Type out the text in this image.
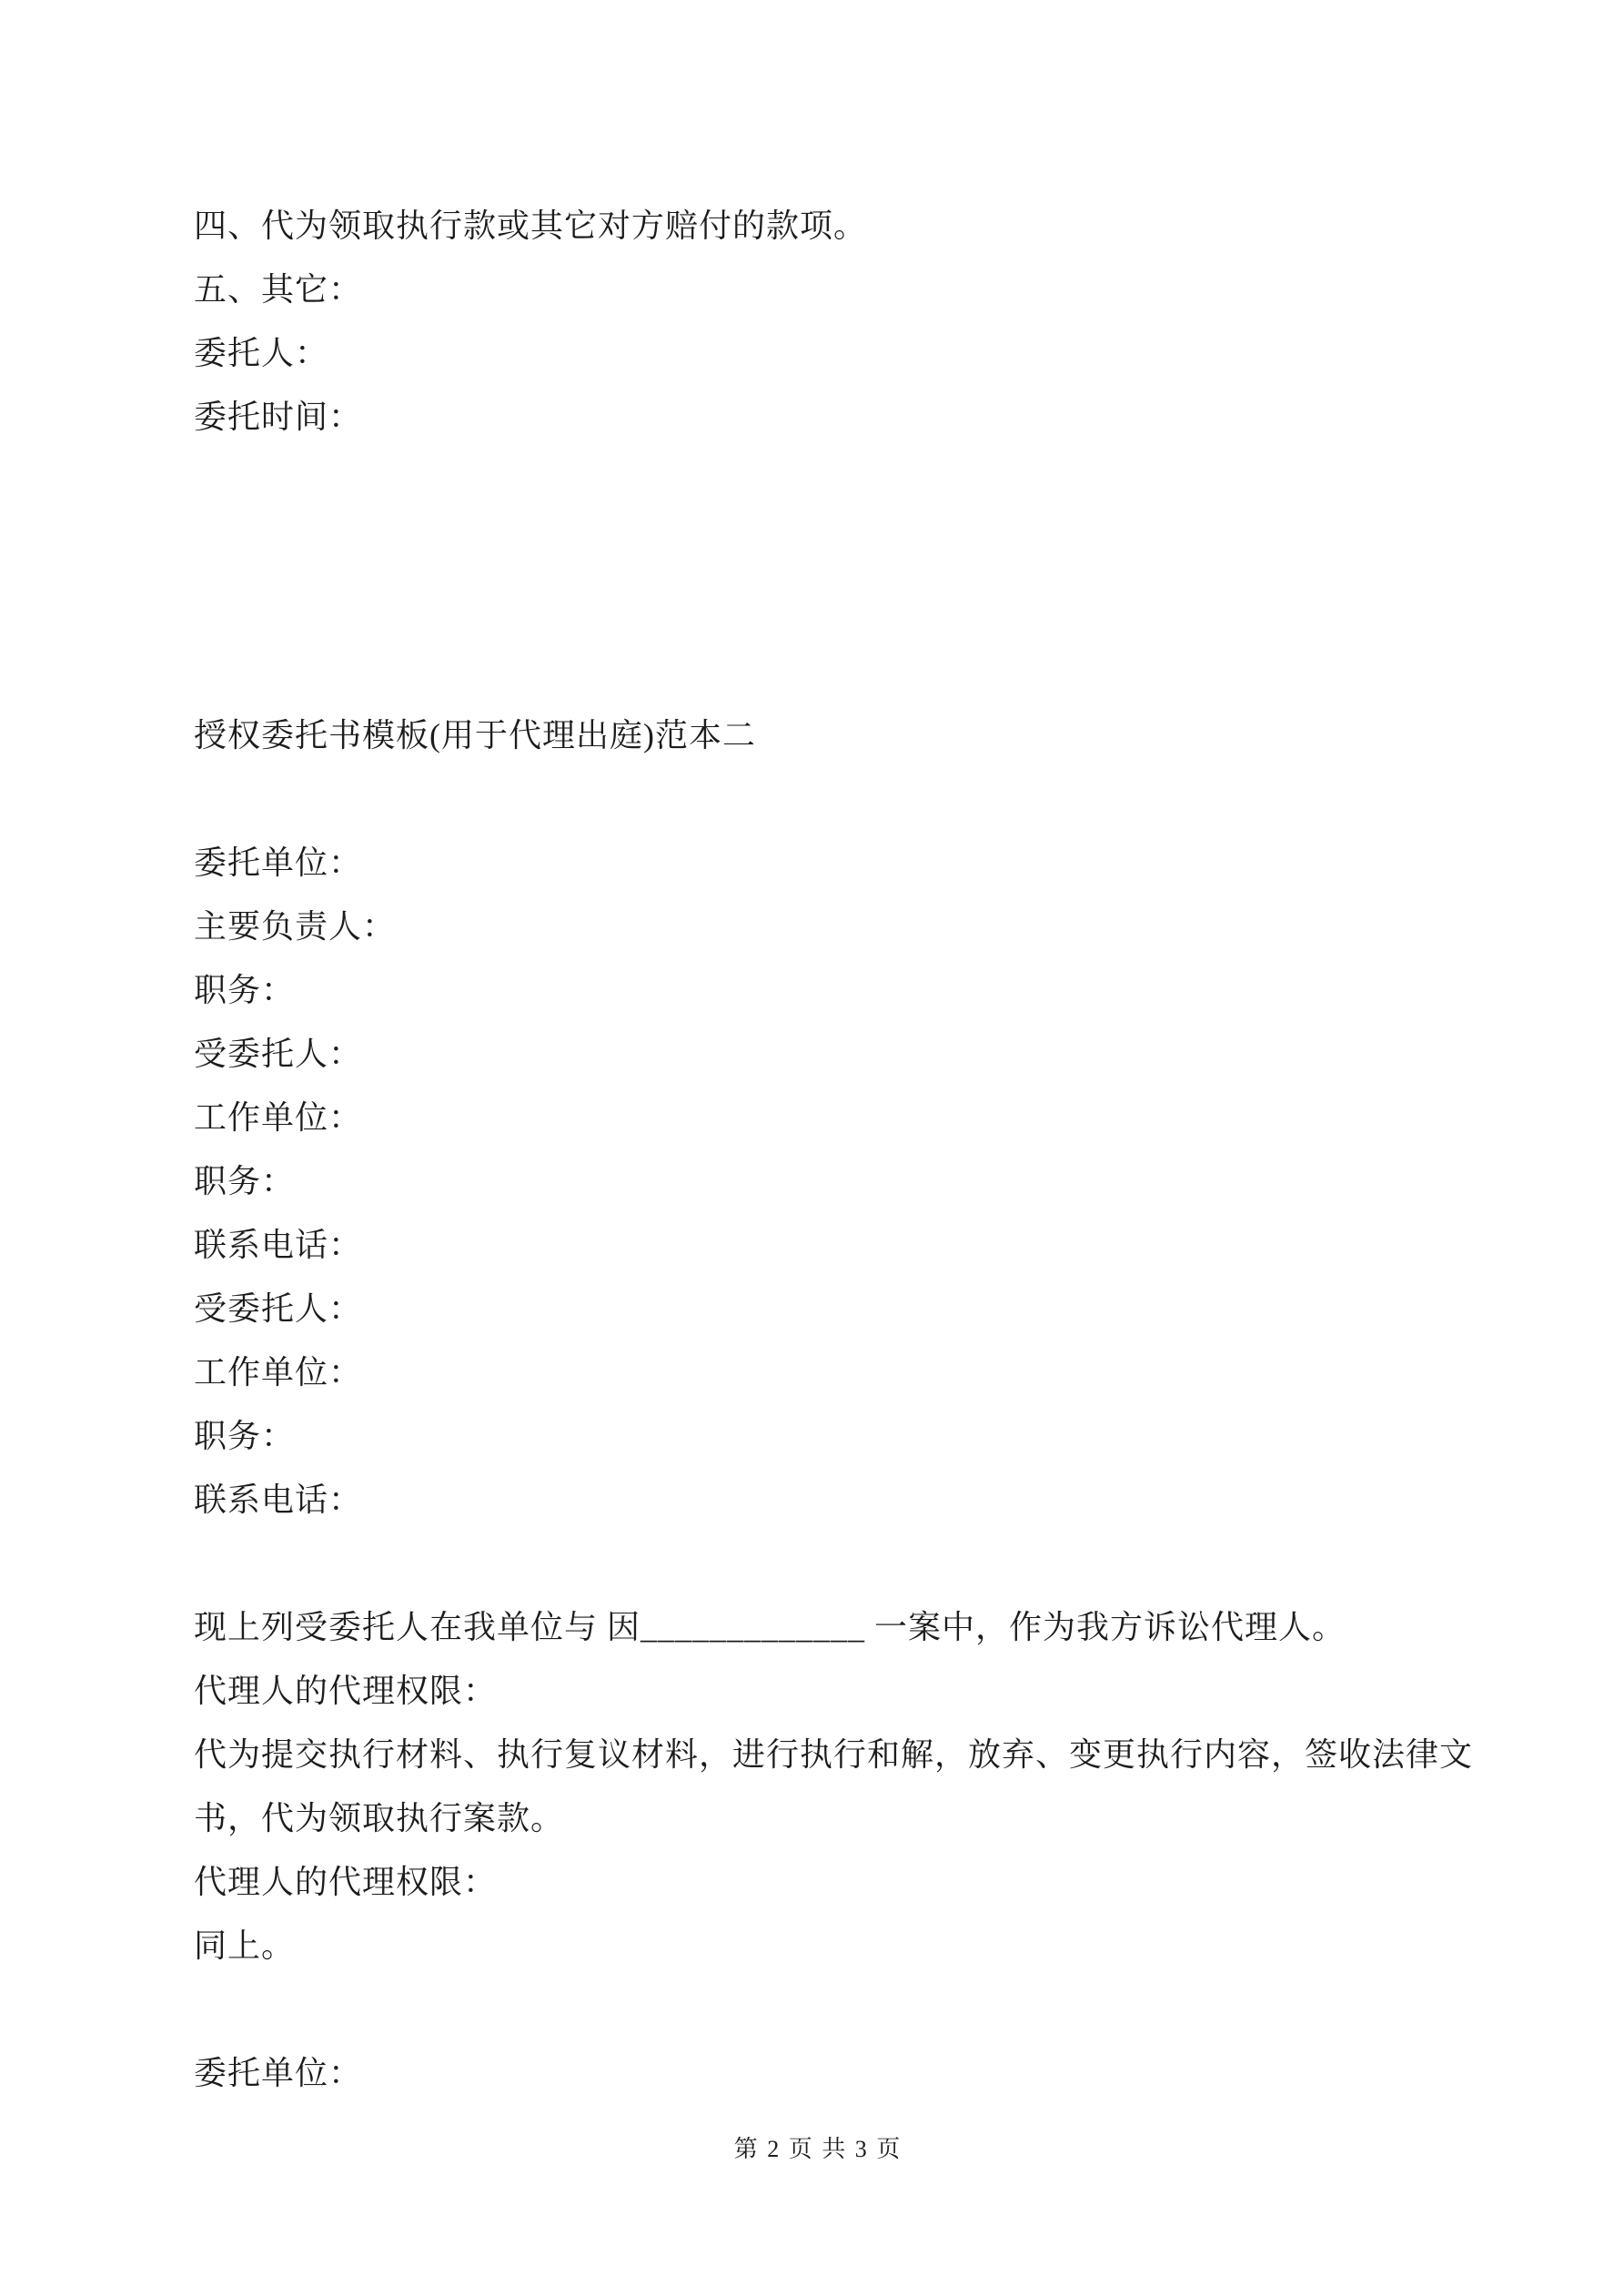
四、代为领取执行款或其它对方赔付的款项。
五、其它：
委托人：
委托时间：
授权委托书模板(用于代理出庭)范本二
委托单位：
主要负责人：
职务：
受委托人：
工作单位：
职务：
联系电话：
受委托人：
工作单位：
职务：
联系电话：
现上列受委托人在我单位与 因_____________ 一案中，作为我方诉讼代理人。
代理人的代理权限：
代为提交执行材料、执行复议材料，进行执行和解，放弃、变更执行内容，签收法律文
书，代为领取执行案款。
代理人的代理权限：
同上。
委托单位：
第 2 页 共 3 页
